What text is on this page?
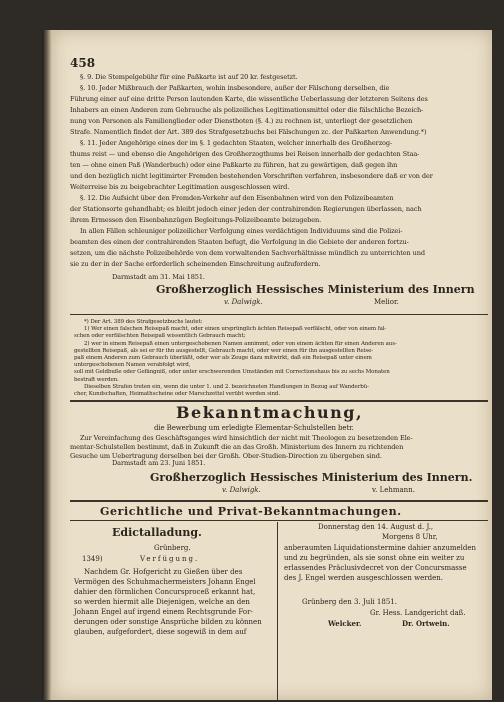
458
§. 9. Die Stempelgebühr für eine Paßkarte ist auf 20 kr. festgesetzt.
§. 10. Jeder Mißbrauch der Paßkarten, wohin insbesondere, außer der Fälschung derselben, die
Führung einer auf eine dritte Person lautenden Karte, die wissentliche Ueberlassung der letzteren Seitens des
Inhabers an einen Anderen zum Gebrauche als polizeiliches Legitimationsmittel oder die fälschliche Bezeich-
nung von Personen als Familienglieder oder Dienstboten (§. 4.) zu rechnen ist, unterliegt der gesetzlichen
Strafe. Namentlich findet der Art. 389 des Strafgesetzbuchs bei Fälschungen zc. der Paßkarten Anwendung.*)
§. 11. Jeder Angehörige eines der im §. 1 gedachten Staaten, welcher innerhalb des Großherzog-
thums reist — und ebenso die Angehörigen des Großherzogthums bei Reisen innerhalb der gedachten Staa-
ten — ohne einen Paß (Wanderbuch) oder eine Paßkarte zu führen, hat zu gewärtigen, daß gegen ihn
und den bezüglich nicht legitimirter Fremden bestehenden Vorschriften verfahren, insbesondere daß er von der
Weiterreise bis zu beigebrachter Legitimation ausgeschlossen wird.
§. 12. Die Aufsicht über den Fremden-Verkehr auf den Eisenbahnen wird von den Polizeibeamten
der Stationsorte gehandhabt; es bleibt jedoch einer jeden der contrahirenden Regierungen überlassen, nach
ihrem Ermessen den Eisenbahnzügen Begleitungs-Polizeibeamte beizugeben.
In allen Fällen schleuniger polizeilicher Verfolgung eines verdächtigen Individuums sind die Polizei-
beamten des einen der contrahirenden Staaten befugt, die Verfolgung in die Gebiete der anderen fortzu-
setzen, um die nächste Polizeibehörde von dem vorwaltenden Sachverhältnisse mündlich zu unterrichten und
sie zu der in der Sache erforderlich scheinenden Einschreitung aufzufordern.
Darmstadt am 31. Mai 1851.
Großherzoglich Hessisches Ministerium des Innern
v. Dalwigk.	Melior.
*) Der Art. 389 des Strafgesetzbuchs lautet:
1) Wer einen falschen Reisepaß macht, oder einen ursprünglich ächten Reisepaß verfälscht, oder von einem fal-
schen oder verfälschten Reisepaß wissentlich Gebrauch macht;
2) wer in einem Reisepaß einen untergeschobenen Namen annimmt, oder von einem ächten für einen Anderen aus-
gestellten Reisepaß, als sei er für ihn ausgestellt, Gebrauch macht, oder wer einen für ihn ausgestellten Reise-
paß einem Anderen zum Gebrauch überläßt, oder wer als Zeuge dazu mitwirkt, daß ein Reisepaß unter einem
untergeschobenen Namen verabfolgt wird,
soll mit Geldbuße oder Gefängniß, oder unter erschwerenden Umständen mit Correctionshaus bis zu sechs Monaten
bestraft werden.
Dieselben Strafen treten ein, wenn die unter 1. und 2. bezeichneten Handlungen in Bezug auf Wanderbü-
cher, Kundschaften, Heimathscheine oder Marschzettel verübt werden sind.
Bekanntmachung,
die Bewerbung um erledigte Elementar-Schulstellen betr.
Zur Vereinfachung des Geschäftsganges wird hinsichtlich der nicht mit Theologen zu besetzenden Ele-
mentar-Schulstellen bestimmt, daß in Zukunft die an das Großh. Ministerium des Innern zu richtenden
Gesuche um Uebertragung derselben bei der Großh. Ober-Studien-Direction zu übergeben sind.
Darmstadt am 23. Juni 1851.
Großherzoglich Hessisches Ministerium des Innern.
v. Dalwigk.	v. Lehmann.
Gerichtliche und Privat-Bekanntmachungen.
Edictalladung.
Grünberg.
1349)	Verfügung.
Nachdem Gr. Hofgericht zu Gießen über des
Vermögen des Schuhmachermeisters Johann Engel
dahier den förmlichen Concursproceß erkannt hat,
so werden hiermit alle Diejenigen, welche an den
Johann Engel auf irgend einem Rechtsgrunde For-
derungen oder sonstige Ansprüche bilden zu können
glauben, aufgefordert, diese sogewiß in dem auf
Donnerstag den 14. August d. J.,
Morgens 8 Uhr,
anberaumten Liquidationstermine dahier anzumelden
und zu begründen, als sie sonst ohne ein weiter zu
erlassendes Präclusivdecret von der Concursmasse
des J. Engel werden ausgeschlossen werden.
Grünberg den 3. Juli 1851.
Gr. Hess. Landgericht daß.
Welcker.	Dr. Ortwein.
